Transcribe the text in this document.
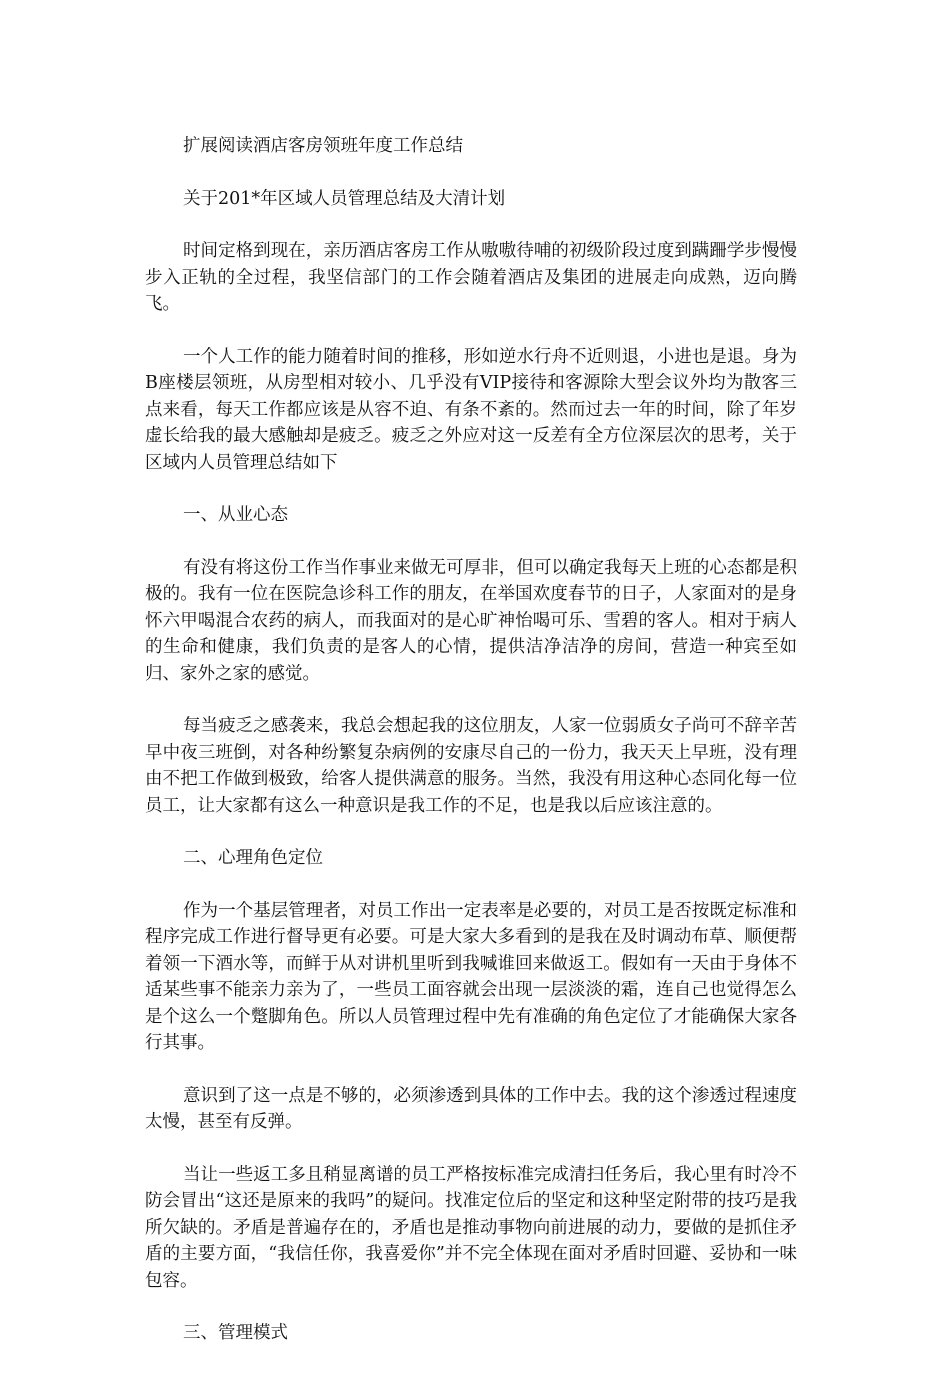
扩展阅读酒店客房领班年度工作总结

关于201*年区域人员管理总结及大清计划

时间定格到现在，亲历酒店客房工作从嗷嗷待哺的初级阶段过度到蹒跚学步慢慢步入正轨的全过程，我坚信部门的工作会随着酒店及集团的进展走向成熟，迈向腾飞。

一个人工作的能力随着时间的推移，形如逆水行舟不近则退，小进也是退。身为B座楼层领班，从房型相对较小、几乎没有VIP接待和客源除大型会议外均为散客三点来看，每天工作都应该是从容不迫、有条不紊的。然而过去一年的时间，除了年岁虚长给我的最大感触却是疲乏。疲乏之外应对这一反差有全方位深层次的思考，关于区域内人员管理总结如下

一、从业心态

有没有将这份工作当作事业来做无可厚非，但可以确定我每天上班的心态都是积极的。我有一位在医院急诊科工作的朋友，在举国欢度春节的日子，人家面对的是身怀六甲喝混合农药的病人，而我面对的是心旷神怡喝可乐、雪碧的客人。相对于病人的生命和健康，我们负责的是客人的心情，提供洁净洁净的房间，营造一种宾至如归、家外之家的感觉。

每当疲乏之感袭来，我总会想起我的这位朋友，人家一位弱质女子尚可不辞辛苦早中夜三班倒，对各种纷繁复杂病例的安康尽自己的一份力，我天天上早班，没有理由不把工作做到极致，给客人提供满意的服务。当然，我没有用这种心态同化每一位员工，让大家都有这么一种意识是我工作的不足，也是我以后应该注意的。

二、心理角色定位

作为一个基层管理者，对员工作出一定表率是必要的，对员工是否按既定标准和程序完成工作进行督导更有必要。可是大家大多看到的是我在及时调动布草、顺便帮着领一下酒水等，而鲜于从对讲机里听到我喊谁回来做返工。假如有一天由于身体不适某些事不能亲力亲为了，一些员工面容就会出现一层淡淡的霜，连自己也觉得怎么是个这么一个蹩脚角色。所以人员管理过程中先有准确的角色定位了才能确保大家各行其事。

意识到了这一点是不够的，必须渗透到具体的工作中去。我的这个渗透过程速度太慢，甚至有反弹。

当让一些返工多且稍显离谱的员工严格按标准完成清扫任务后，我心里有时冷不防会冒出“这还是原来的我吗”的疑问。找准定位后的坚定和这种坚定附带的技巧是我所欠缺的。矛盾是普遍存在的，矛盾也是推动事物向前进展的动力，要做的是抓住矛盾的主要方面，“我信任你，我喜爱你”并不完全体现在面对矛盾时回避、妥协和一味包容。

三、管理模式
